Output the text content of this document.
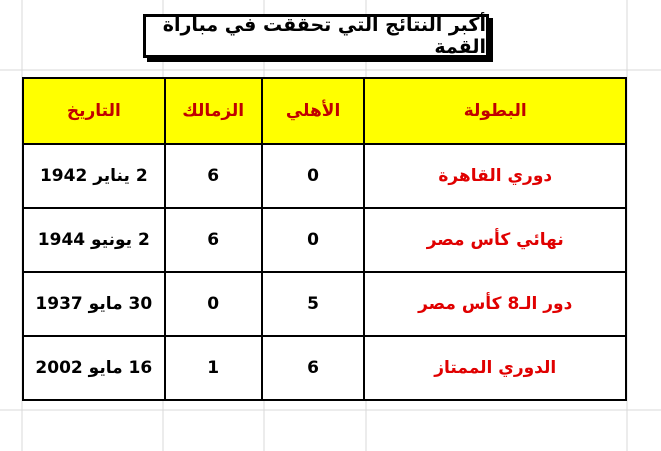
أكبر النتائج التي تحققت في مباراة القمة
البطولة	الأهلي	الزمالك	التاريخ
دوري القاهرة	0	6	2 يناير 1942
نهائي كأس مصر	0	6	2 يونيو 1944
دور الـ8 كأس مصر	5	0	30 مايو 1937
الدوري الممتاز	6	1	16 مايو 2002
